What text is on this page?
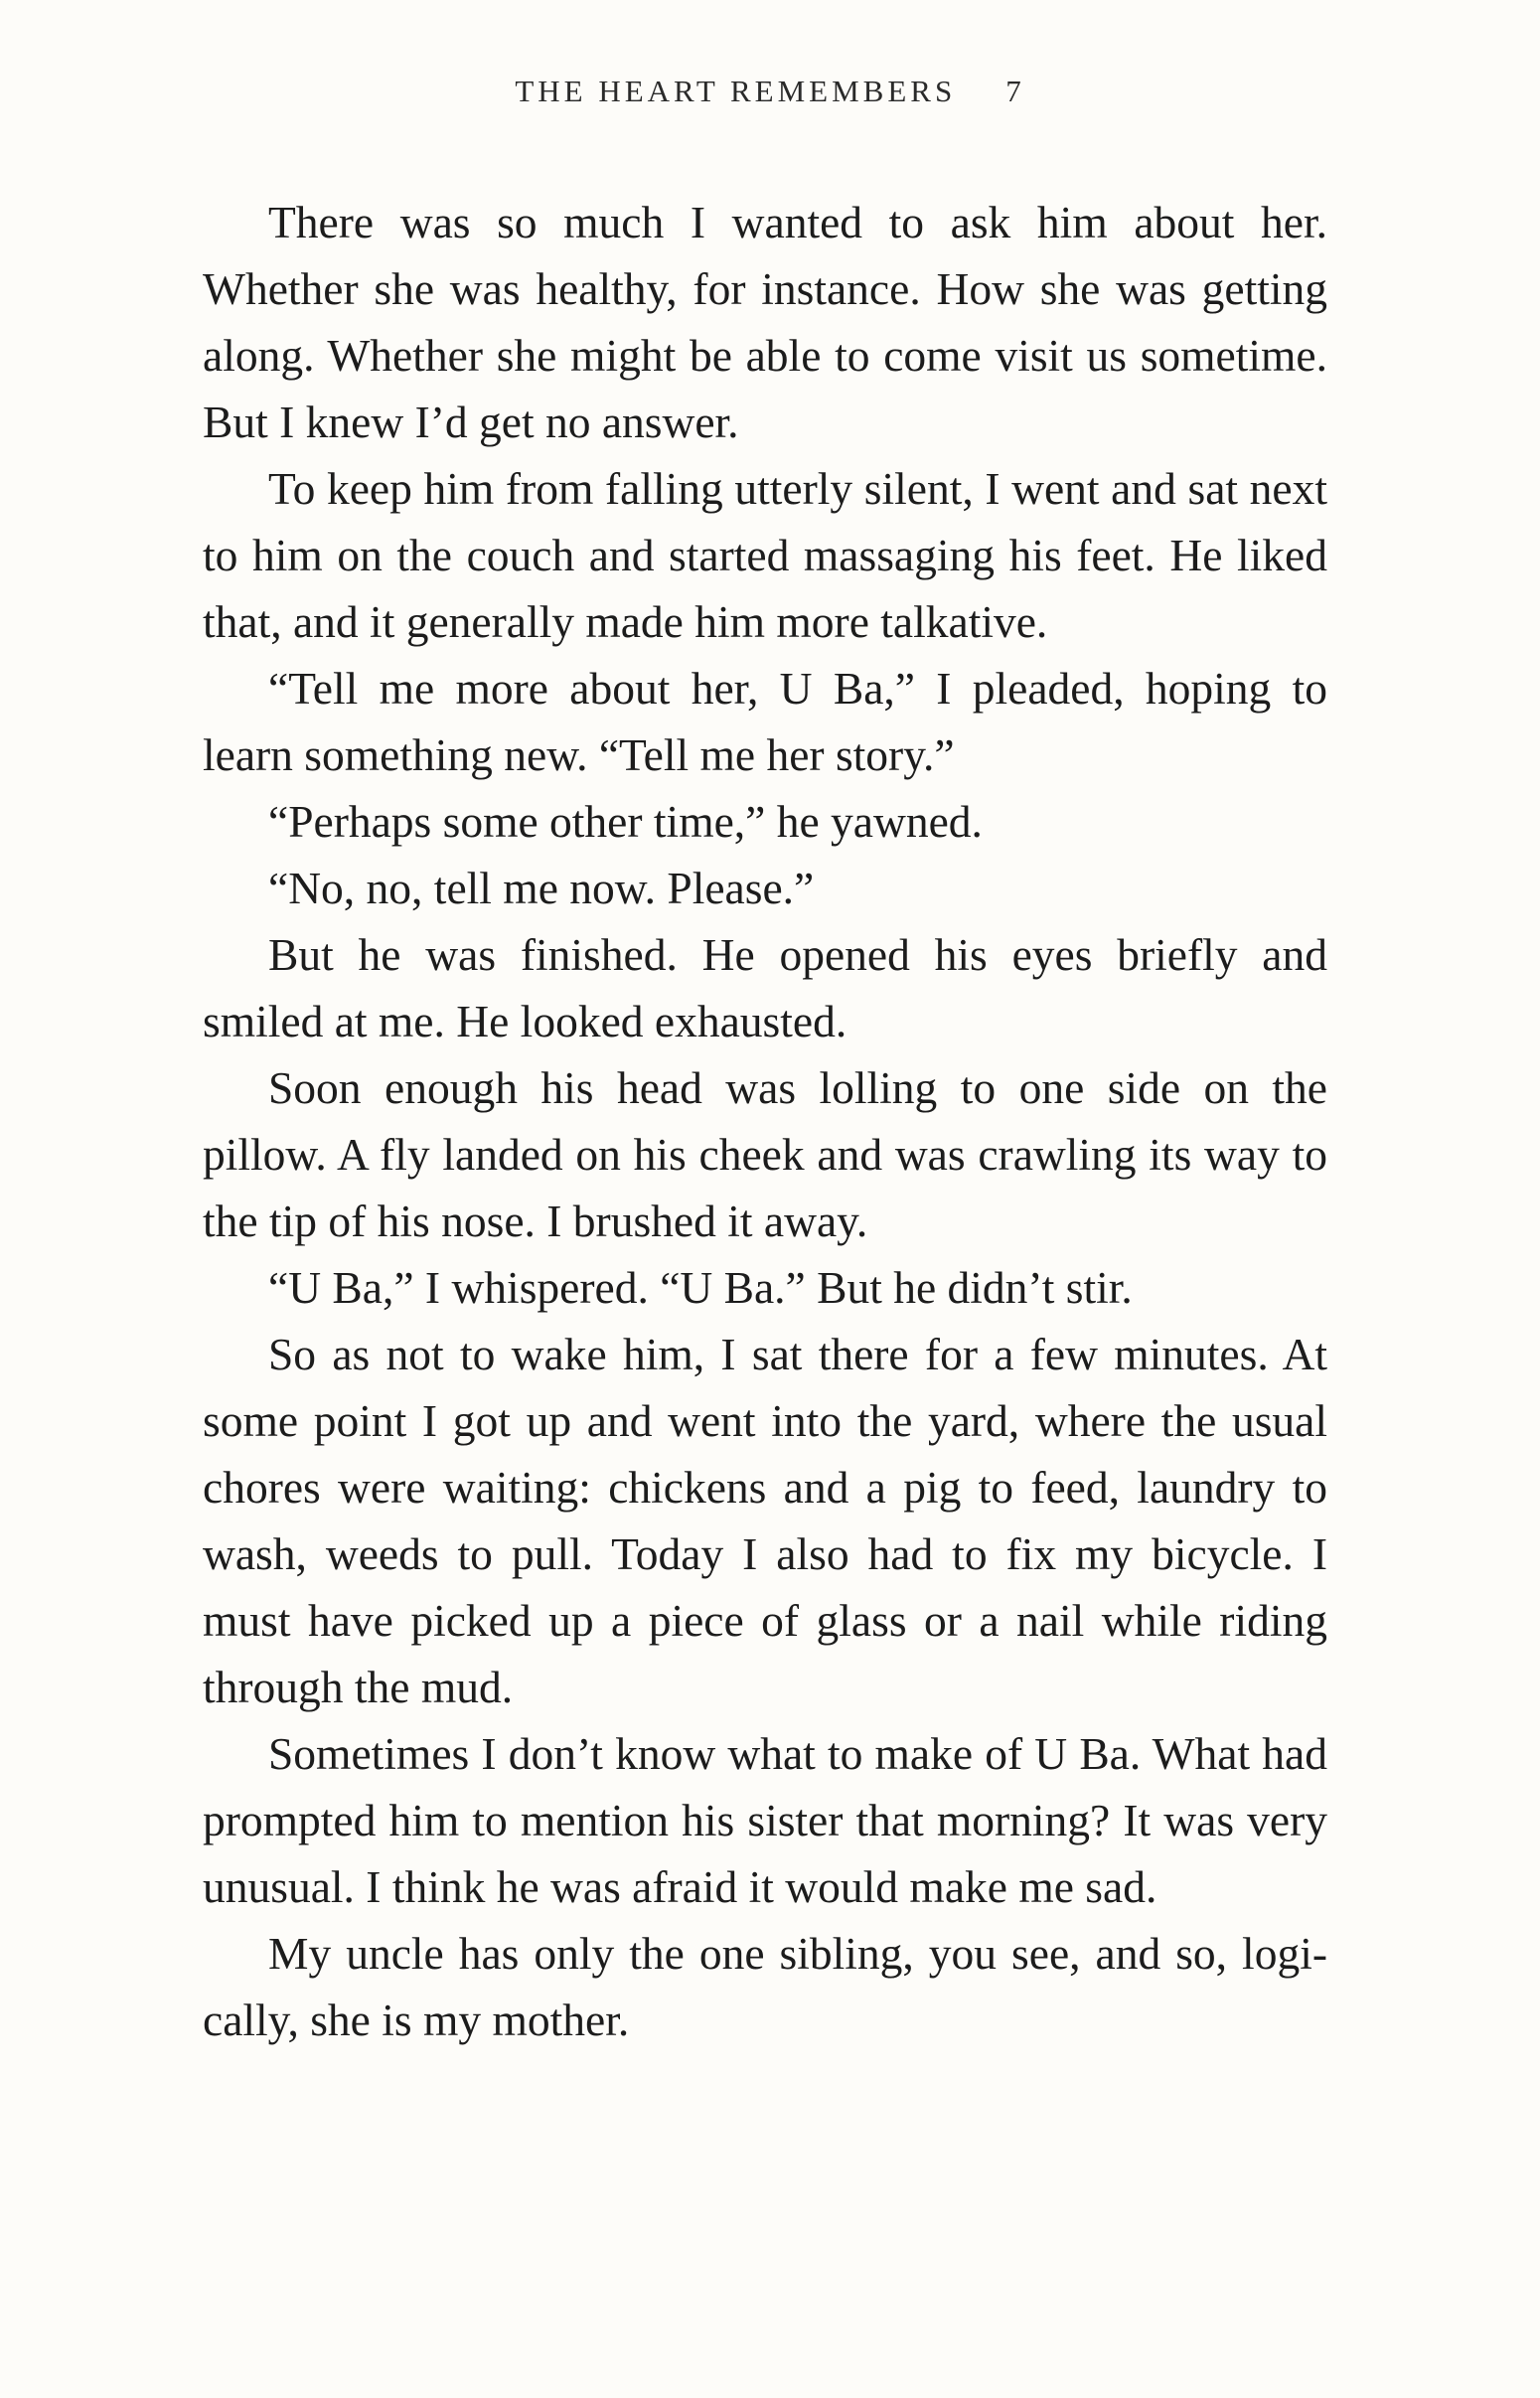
THE HEART REMEMBERS 7

There was so much I wanted to ask him about her. Whether she was healthy, for instance. How she was getting along. Whether she might be able to come visit us sometime. But I knew I’d get no answer.

To keep him from falling utterly silent, I went and sat next to him on the couch and started massaging his feet. He liked that, and it generally made him more talkative.

“Tell me more about her, U Ba,” I pleaded, hoping to learn something new. “Tell me her story.”

“Perhaps some other time,” he yawned.

“No, no, tell me now. Please.”

But he was finished. He opened his eyes briefly and smiled at me. He looked exhausted.

Soon enough his head was lolling to one side on the pillow. A fly landed on his cheek and was crawling its way to the tip of his nose. I brushed it away.

“U Ba,” I whispered. “U Ba.” But he didn’t stir.

So as not to wake him, I sat there for a few minutes. At some point I got up and went into the yard, where the usual chores were waiting: chickens and a pig to feed, laundry to wash, weeds to pull. Today I also had to fix my bicycle. I must have picked up a piece of glass or a nail while riding through the mud.

Sometimes I don’t know what to make of U Ba. What had prompted him to mention his sister that morning? It was very unusual. I think he was afraid it would make me sad.

My uncle has only the one sibling, you see, and so, logically, she is my mother.
